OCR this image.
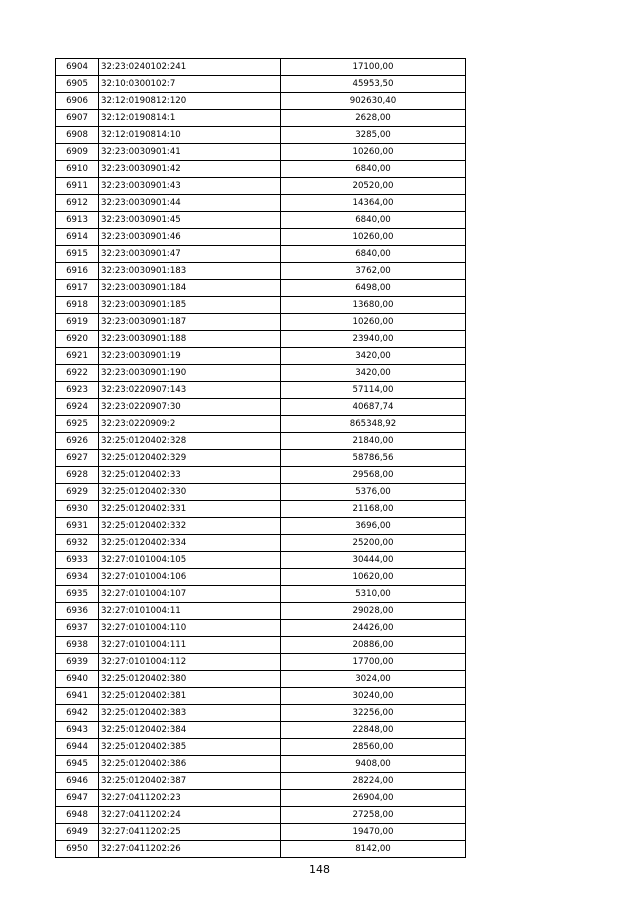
6904	32:23:0240102:241	17100,00
6905	32:10:0300102:7	45953,50
6906	32:12:0190812:120	902630,40
6907	32:12:0190814:1	2628,00
6908	32:12:0190814:10	3285,00
6909	32:23:0030901:41	10260,00
6910	32:23:0030901:42	6840,00
6911	32:23:0030901:43	20520,00
6912	32:23:0030901:44	14364,00
6913	32:23:0030901:45	6840,00
6914	32:23:0030901:46	10260,00
6915	32:23:0030901:47	6840,00
6916	32:23:0030901:183	3762,00
6917	32:23:0030901:184	6498,00
6918	32:23:0030901:185	13680,00
6919	32:23:0030901:187	10260,00
6920	32:23:0030901:188	23940,00
6921	32:23:0030901:19	3420,00
6922	32:23:0030901:190	3420,00
6923	32:23:0220907:143	57114,00
6924	32:23:0220907:30	40687,74
6925	32:23:0220909:2	865348,92
6926	32:25:0120402:328	21840,00
6927	32:25:0120402:329	58786,56
6928	32:25:0120402:33	29568,00
6929	32:25:0120402:330	5376,00
6930	32:25:0120402:331	21168,00
6931	32:25:0120402:332	3696,00
6932	32:25:0120402:334	25200,00
6933	32:27:0101004:105	30444,00
6934	32:27:0101004:106	10620,00
6935	32:27:0101004:107	5310,00
6936	32:27:0101004:11	29028,00
6937	32:27:0101004:110	24426,00
6938	32:27:0101004:111	20886,00
6939	32:27:0101004:112	17700,00
6940	32:25:0120402:380	3024,00
6941	32:25:0120402:381	30240,00
6942	32:25:0120402:383	32256,00
6943	32:25:0120402:384	22848,00
6944	32:25:0120402:385	28560,00
6945	32:25:0120402:386	9408,00
6946	32:25:0120402:387	28224,00
6947	32:27:0411202:23	26904,00
6948	32:27:0411202:24	27258,00
6949	32:27:0411202:25	19470,00
6950	32:27:0411202:26	8142,00
148
